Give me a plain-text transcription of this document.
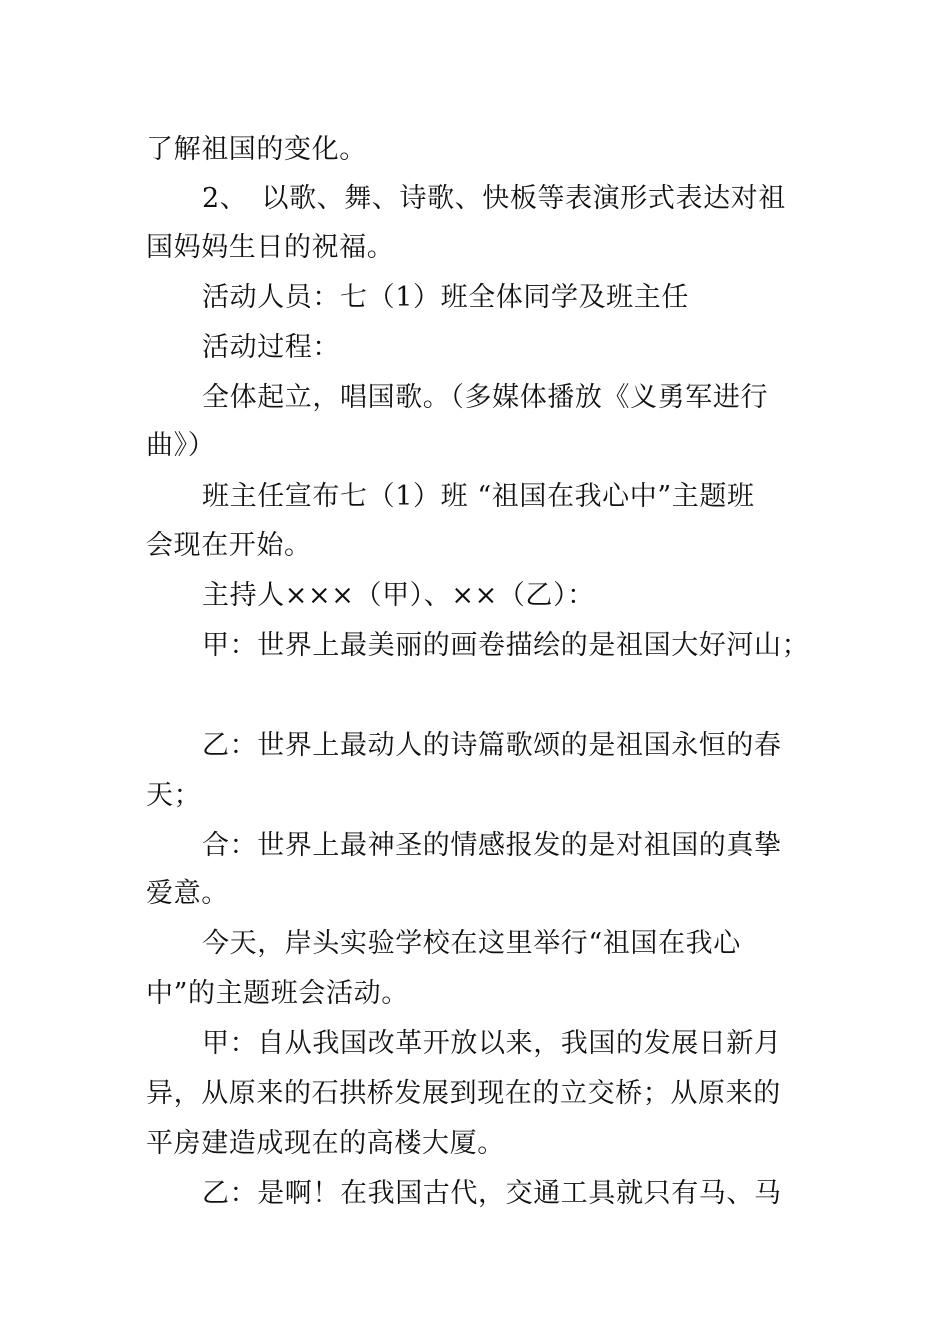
了解祖国的变化。
2、　以歌、舞、诗歌、快板等表演形式表达对祖
国妈妈生日的祝福。
活动人员：七（1）班全体同学及班主任
活动过程：
全体起立，唱国歌。（多媒体播放《义勇军进行
曲》）
班主任宣布七（1）班 “祖国在我心中”主题班
会现在开始。
主持人×××（甲）、××（乙）：
甲：世界上最美丽的画卷描绘的是祖国大好河山；
乙：世界上最动人的诗篇歌颂的是祖国永恒的春
天；
合：世界上最神圣的情感报发的是对祖国的真挚
爱意。
今天，岸头实验学校在这里举行“祖国在我心
中”的主题班会活动。
甲：自从我国改革开放以来，我国的发展日新月
异，从原来的石拱桥发展到现在的立交桥；从原来的
平房建造成现在的高楼大厦。
乙：是啊！在我国古代，交通工具就只有马、马
